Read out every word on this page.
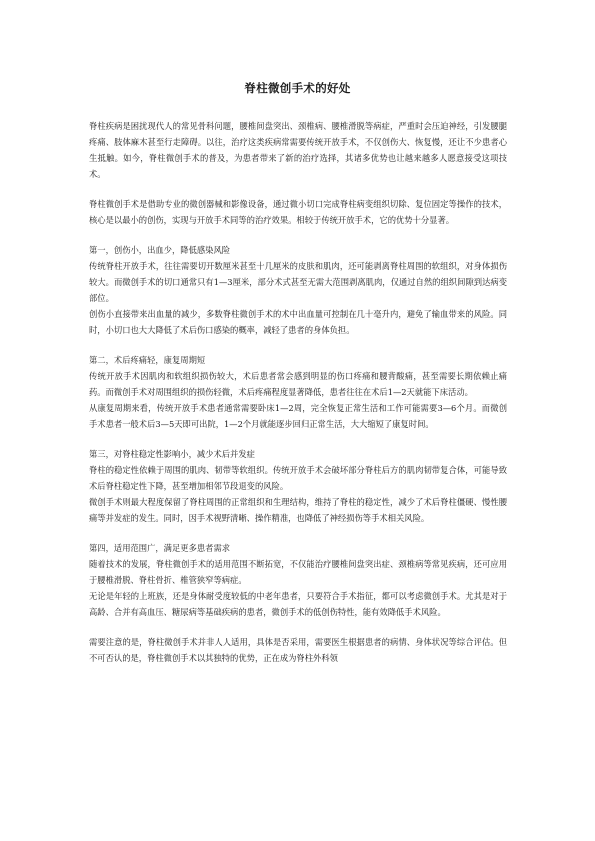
脊柱微创手术的好处

脊柱疾病是困扰现代人的常见骨科问题，腰椎间盘突出、颈椎病、腰椎滑脱等病症，严重时会压迫神经，引发腰腿疼痛、肢体麻木甚至行走障碍。以往，治疗这类疾病常需要传统开放手术，不仅创伤大、恢复慢，还让不少患者心生抵触。如今，脊柱微创手术的普及，为患者带来了新的治疗选择，其诸多优势也让越来越多人愿意接受这项技术。

脊柱微创手术是借助专业的微创器械和影像设备，通过微小切口完成脊柱病变组织切除、复位固定等操作的技术，核心是以最小的创伤，实现与开放手术同等的治疗效果。相较于传统开放手术，它的优势十分显著。

第一，创伤小，出血少，降低感染风险

传统脊柱开放手术，往往需要切开数厘米甚至十几厘米的皮肤和肌肉，还可能剥离脊柱周围的软组织，对身体损伤较大。而微创手术的切口通常只有1—3厘米，部分术式甚至无需大范围剥离肌肉，仅通过自然的组织间隙到达病变部位。

创伤小直接带来出血量的减少，多数脊柱微创手术的术中出血量可控制在几十毫升内，避免了输血带来的风险。同时，小切口也大大降低了术后伤口感染的概率，减轻了患者的身体负担。

第二，术后疼痛轻，康复周期短

传统开放手术因肌肉和软组织损伤较大，术后患者常会感到明显的伤口疼痛和腰背酸痛，甚至需要长期依赖止痛药。而微创手术对周围组织的损伤轻微，术后疼痛程度显著降低，患者往往在术后1—2天就能下床活动。

从康复周期来看，传统开放手术患者通常需要卧床1—2周，完全恢复正常生活和工作可能需要3—6个月。而微创手术患者一般术后3—5天即可出院，1—2个月就能逐步回归正常生活，大大缩短了康复时间。

第三，对脊柱稳定性影响小，减少术后并发症

脊柱的稳定性依赖于周围的肌肉、韧带等软组织。传统开放手术会破坏部分脊柱后方的肌肉韧带复合体，可能导致术后脊柱稳定性下降，甚至增加相邻节段退变的风险。

微创手术则最大程度保留了脊柱周围的正常组织和生理结构，维持了脊柱的稳定性，减少了术后脊柱僵硬、慢性腰痛等并发症的发生。同时，因手术视野清晰、操作精准，也降低了神经损伤等手术相关风险。

第四，适用范围广，满足更多患者需求

随着技术的发展，脊柱微创手术的适用范围不断拓宽，不仅能治疗腰椎间盘突出症、颈椎病等常见疾病，还可应用于腰椎滑脱、脊柱骨折、椎管狭窄等病症。

无论是年轻的上班族，还是身体耐受度较低的中老年患者，只要符合手术指征，都可以考虑微创手术。尤其是对于高龄、合并有高血压、糖尿病等基础疾病的患者，微创手术的低创伤特性，能有效降低手术风险。

需要注意的是，脊柱微创手术并非人人适用，具体是否采用，需要医生根据患者的病情、身体状况等综合评估。但不可否认的是，脊柱微创手术以其独特的优势，正在成为脊柱外科领
